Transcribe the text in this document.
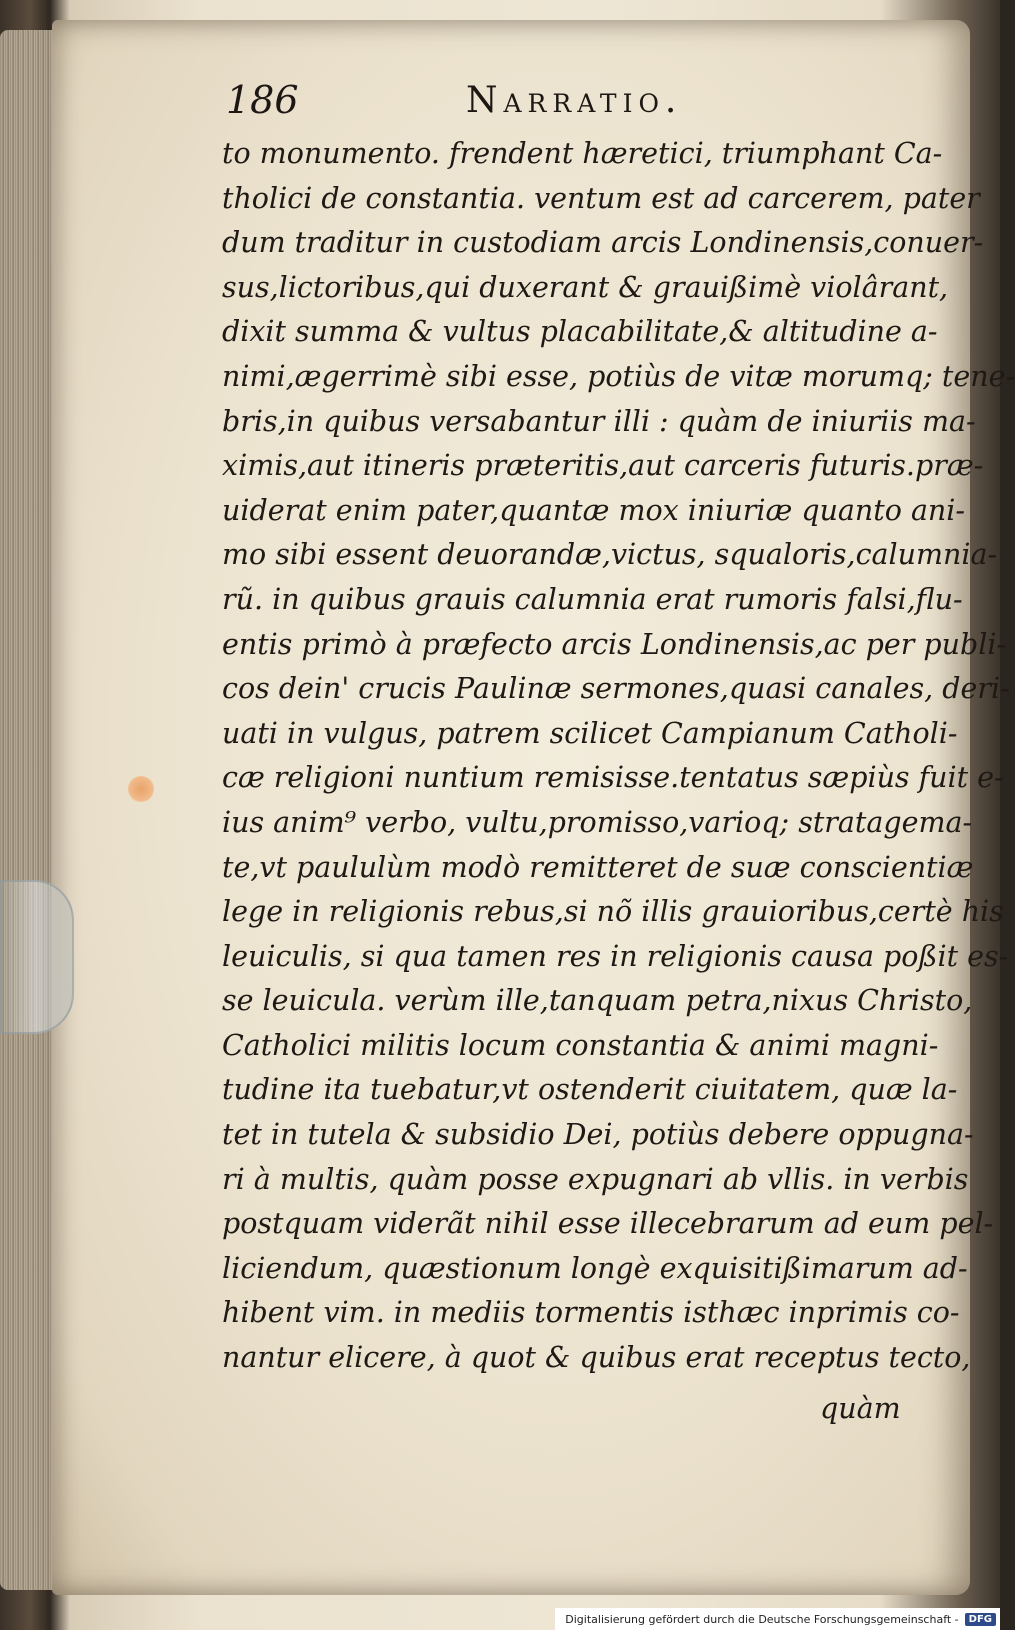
186	Narratio.
to monumento. frendent hæretici, triumphant Ca-
tholici de constantia. ventum est ad carcerem, pater
dum traditur in custodiam arcis Londinensis,conuer-
sus,lictoribus,qui duxerant & grauißimè violârant,
dixit summa & vultus placabilitate,& altitudine a-
nimi,ægerrimè sibi esse, potiùs de vitæ morumq; tene-
bris,in quibus versabantur illi : quàm de iniuriis ma-
ximis,aut itineris præteritis,aut carceris futuris.præ-
uiderat enim pater,quantæ mox iniuriæ quanto ani-
mo sibi essent deuorandæ,victus, squaloris,calumnia-
rũ. in quibus grauis calumnia erat rumoris falsi,flu-
entis primò à præfecto arcis Londinensis,ac per publi-
cos dein' crucis Paulinæ sermones,quasi canales, deri-
uati in vulgus, patrem scilicet Campianum Catholi-
cæ religioni nuntium remisisse.tentatus sæpiùs fuit e-
ius anim⁹ verbo, vultu,promisso,varioq; stratagema-
te,vt paululùm modò remitteret de suæ conscientiæ
lege in religionis rebus,si nõ illis grauioribus,certè his
leuiculis, si qua tamen res in religionis causa poßit es-
se leuicula. verùm ille,tanquam petra,nixus Christo,
Catholici militis locum constantia & animi magni-
tudine ita tuebatur,vt ostenderit ciuitatem, quæ la-
tet in tutela & subsidio Dei, potiùs debere oppugna-
ri à multis, quàm posse expugnari ab vllis. in verbis
postquam viderãt nihil esse illecebrarum ad eum pel-
liciendum, quæstionum longè exquisitißimarum ad-
hibent vim. in mediis tormentis isthæc inprimis co-
nantur elicere, à quot & quibus erat receptus tecto,
quàm
Digitalisierung gefördert durch die Deutsche Forschungsgemeinschaft -	DFG
